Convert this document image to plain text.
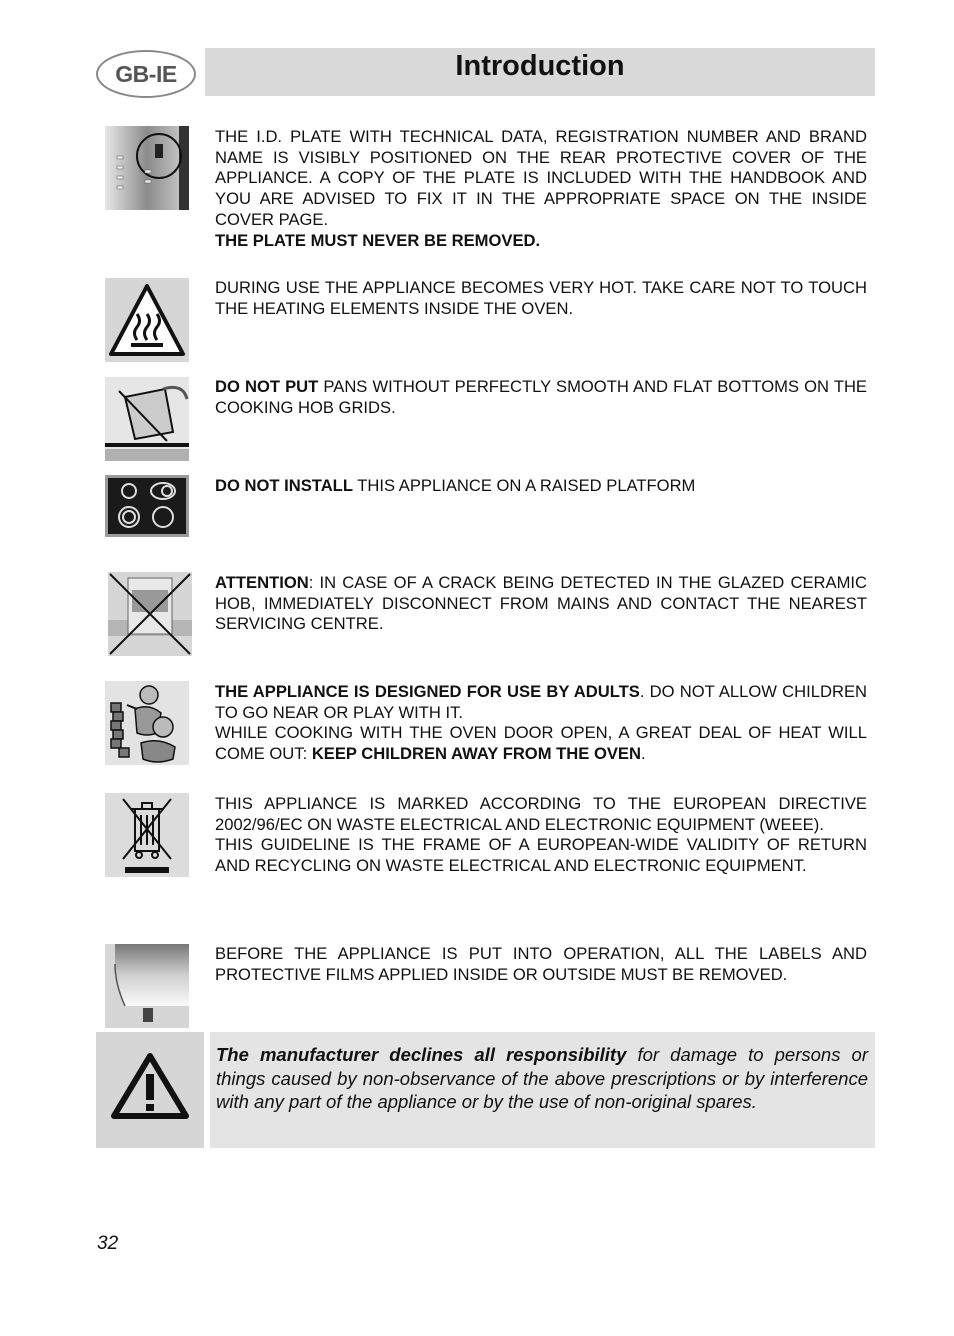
GB-IE	Introduction

THE I.D. PLATE WITH TECHNICAL DATA, REGISTRATION NUMBER AND BRAND NAME IS VISIBLY POSITIONED ON THE REAR PROTECTIVE COVER OF THE APPLIANCE. A COPY OF THE PLATE IS INCLUDED WITH THE HANDBOOK AND YOU ARE ADVISED TO FIX IT IN THE APPROPRIATE SPACE ON THE INSIDE COVER PAGE.

THE PLATE MUST NEVER BE REMOVED.

DURING USE THE APPLIANCE BECOMES VERY HOT. TAKE CARE NOT TO TOUCH THE HEATING ELEMENTS INSIDE THE OVEN.

DO NOT PUT PANS WITHOUT PERFECTLY SMOOTH AND FLAT BOTTOMS ON THE COOKING HOB GRIDS.

DO NOT INSTALL THIS APPLIANCE ON A RAISED PLATFORM

ATTENTION: IN CASE OF A CRACK BEING DETECTED IN THE GLAZED CERAMIC HOB, IMMEDIATELY DISCONNECT FROM MAINS AND CONTACT THE NEAREST SERVICING CENTRE.

THE APPLIANCE IS DESIGNED FOR USE BY ADULTS. DO NOT ALLOW CHILDREN TO GO NEAR OR PLAY WITH IT.

WHILE COOKING WITH THE OVEN DOOR OPEN, A GREAT DEAL OF HEAT WILL COME OUT: KEEP CHILDREN AWAY FROM THE OVEN.

THIS APPLIANCE IS MARKED ACCORDING TO THE EUROPEAN DIRECTIVE 2002/96/EC ON WASTE ELECTRICAL AND ELECTRONIC EQUIPMENT (WEEE).

THIS GUIDELINE IS THE FRAME OF A EUROPEAN-WIDE VALIDITY OF RETURN AND RECYCLING ON WASTE ELECTRICAL AND ELECTRONIC EQUIPMENT.

BEFORE THE APPLIANCE IS PUT INTO OPERATION, ALL THE LABELS AND PROTECTIVE FILMS APPLIED INSIDE OR OUTSIDE MUST BE REMOVED.

The manufacturer declines all responsibility for damage to persons or things caused by non-observance of the above prescriptions or by interference with any part of the appliance or by the use of non-original spares.
32
